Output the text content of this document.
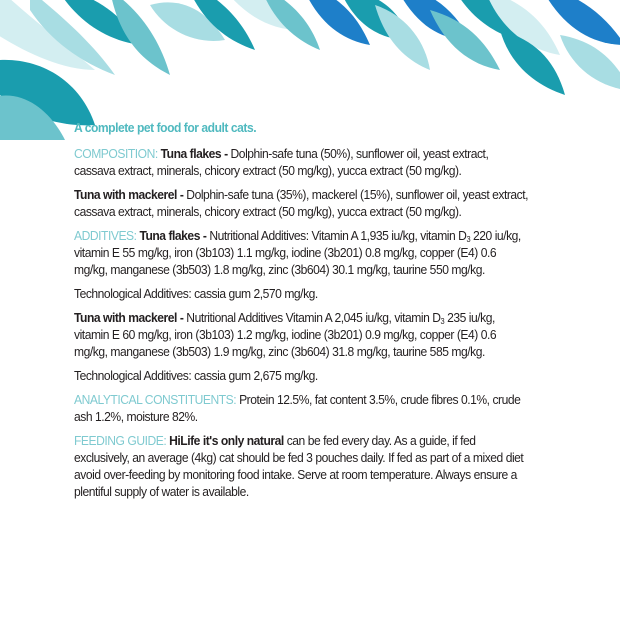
A complete pet food for adult cats.

COMPOSITION: Tuna flakes - Dolphin-safe tuna (50%), sunflower oil, yeast extract, cassava extract, minerals, chicory extract (50 mg/kg), yucca extract (50 mg/kg).

Tuna with mackerel - Dolphin-safe tuna (35%), mackerel (15%), sunflower oil, yeast extract, cassava extract, minerals, chicory extract (50 mg/kg), yucca extract (50 mg/kg).

ADDITIVES: Tuna flakes - Nutritional Additives: Vitamin A 1,935 iu/kg, vitamin $D_3$ 220 iu/kg, vitamin E 55 mg/kg, iron (3b103) 1.1 mg/kg, iodine (3b201) 0.8 mg/kg, copper (E4) 0.6 mg/kg, manganese (3b503) 1.8 mg/kg, zinc (3b604) 30.1 mg/kg, taurine 550 mg/kg.

Technological Additives: cassia gum 2,570 mg/kg.

Tuna with mackerel - Nutritional Additives Vitamin A 2,045 iu/kg, vitamin $D_3$ 235 iu/kg, vitamin E 60 mg/kg, iron (3b103) 1.2 mg/kg, iodine (3b201) 0.9 mg/kg, copper (E4) 0.6 mg/kg, manganese (3b503) 1.9 mg/kg, zinc (3b604) 31.8 mg/kg, taurine 585 mg/kg.

Technological Additives: cassia gum 2,675 mg/kg.

ANALYTICAL CONSTITUENTS: Protein 12.5%, fat content 3.5%, crude fibres 0.1%, crude ash 1.2%, moisture 82%.

FEEDING GUIDE: HiLife it's only natural can be fed every day. As a guide, if fed exclusively, an average (4kg) cat should be fed 3 pouches daily. If fed as part of a mixed diet avoid over-feeding by monitoring food intake. Serve at room temperature. Always ensure a plentiful supply of water is available.
